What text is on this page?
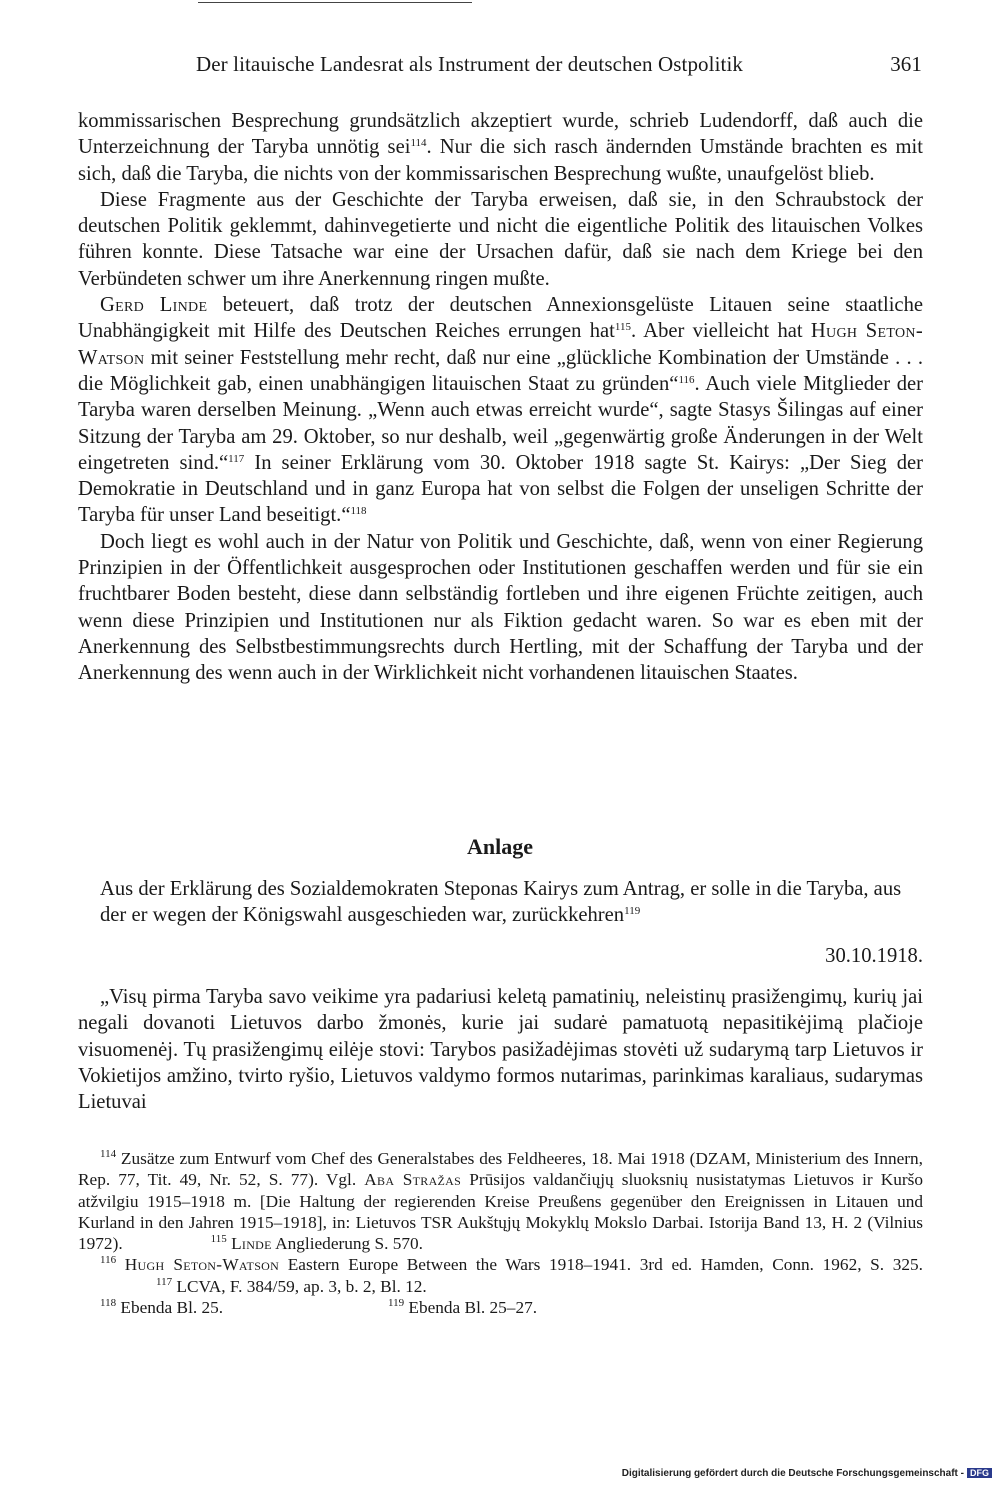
Der litauische Landesrat als Instrument der deutschen Ostpolitik	361

kommissarischen Besprechung grundsätzlich akzeptiert wurde, schrieb Ludendorff, daß auch die Unterzeichnung der Taryba unnötig sei$^{114}$. Nur die sich rasch ändernden Umstände brachten es mit sich, daß die Taryba, die nichts von der kommissarischen Besprechung wußte, unaufgelöst blieb.

Diese Fragmente aus der Geschichte der Taryba erweisen, daß sie, in den Schraubstock der deutschen Politik geklemmt, dahinvegetierte und nicht die eigentliche Politik des litauischen Volkes führen konnte. Diese Tatsache war eine der Ursachen dafür, daß sie nach dem Kriege bei den Verbündeten schwer um ihre Anerkennung ringen mußte.

Gerd Linde beteuert, daß trotz der deutschen Annexionsgelüste Litauen seine staatliche Unabhängigkeit mit Hilfe des Deutschen Reiches errungen hat$^{115}$. Aber vielleicht hat Hugh Seton-Watson mit seiner Feststellung mehr recht, daß nur eine „glückliche Kombination der Umstände . . . die Möglichkeit gab, einen unabhängigen litauischen Staat zu gründen“$^{116}$. Auch viele Mitglieder der Taryba waren derselben Meinung. „Wenn auch etwas erreicht wurde“, sagte Stasys Šilingas auf einer Sitzung der Taryba am 29. Oktober, so nur deshalb, weil „gegenwärtig große Änderungen in der Welt eingetreten sind.“$^{117}$ In seiner Erklärung vom 30. Oktober 1918 sagte St. Kairys: „Der Sieg der Demokratie in Deutschland und in ganz Europa hat von selbst die Folgen der unseligen Schritte der Taryba für unser Land beseitigt.“$^{118}$

Doch liegt es wohl auch in der Natur von Politik und Geschichte, daß, wenn von einer Regierung Prinzipien in der Öffentlichkeit ausgesprochen oder Institutionen geschaffen werden und für sie ein fruchtbarer Boden besteht, diese dann selbständig fortleben und ihre eigenen Früchte zeitigen, auch wenn diese Prinzipien und Institutionen nur als Fiktion gedacht waren. So war es eben mit der Anerkennung des Selbstbestimmungsrechts durch Hertling, mit der Schaffung der Taryba und der Anerkennung des wenn auch in der Wirklichkeit nicht vorhandenen litauischen Staates.

Anlage
Aus der Erklärung des Sozialdemokraten Steponas Kairys zum Antrag, er solle in die Taryba, aus der er wegen der Königswahl ausgeschieden war, zurückkehren$^{119}$
30.10.1918.

„Visų pirma Taryba savo veikime yra padariusi keletą pamatinių, neleistinų prasižengimų, kurių jai negali dovanoti Lietuvos darbo žmonės, kurie jai sudarė pamatuotą nepasitikėjimą plačioje visuomenėj. Tų prasižengimų eilėje stovi: Tarybos pasižadėjimas stovėti už sudarymą tarp Lietuvos ir Vokietijos amžino, tvirto ryšio, Lietuvos valdymo formos nutarimas, parinkimas karaliaus, sudarymas Lietuvai

$^{114}$ Zusätze zum Entwurf vom Chef des Generalstabes des Feldheeres, 18. Mai 1918 (DZAM, Ministerium des Innern, Rep. 77, Tit. 49, Nr. 52, S. 77). Vgl. Aba Stražas Prūsijos valdančiųjų sluoksnių nusistatymas Lietuvos ir Kuršo atžvilgiu 1915–1918 m. [Die Haltung der regierenden Kreise Preußens gegenüber den Ereignissen in Litauen und Kurland in den Jahren 1915–1918], in: Lietuvos TSR Aukštųjų Mokyklų Mokslo Darbai. Istorija Band 13, H. 2 (Vilnius 1972).	$^{115}$ Linde Angliederung S. 570.

$^{116}$ Hugh Seton-Watson Eastern Europe Between the Wars 1918–1941. 3rd ed. Hamden, Conn. 1962, S. 325.$^{117}$ LCVA, F. 384/59, ap. 3, b. 2, Bl. 12.

$^{118}$ Ebenda Bl. 25.	$^{119}$ Ebenda Bl. 25–27.
Digitalisierung gefördert durch die Deutsche Forschungsgemeinschaft - DFG
